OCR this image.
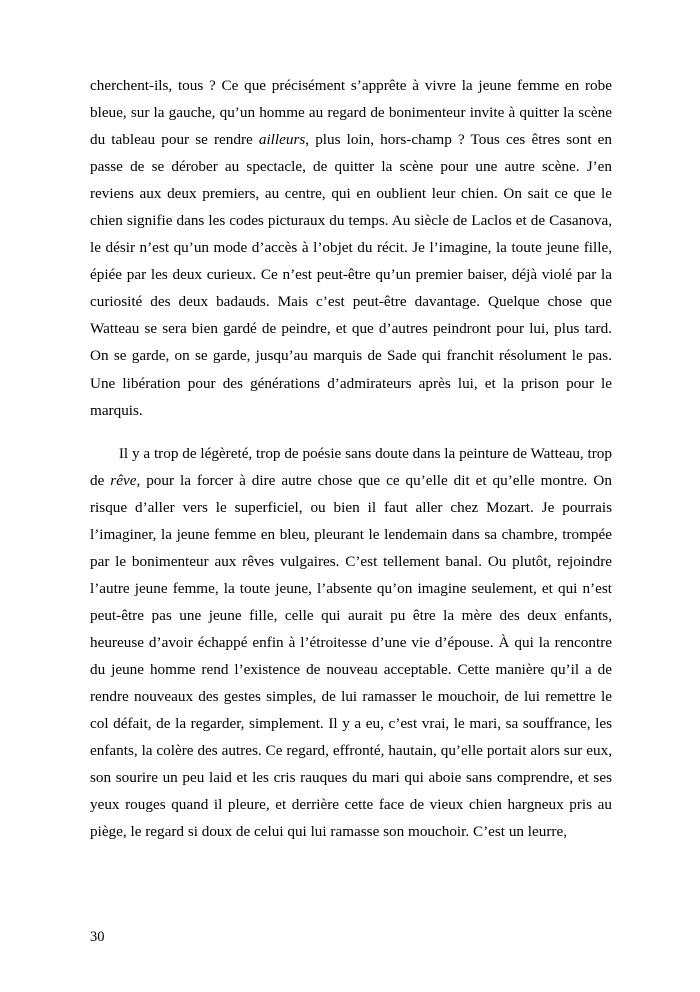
cherchent-ils, tous ? Ce que précisément s’apprête à vivre la jeune femme en robe bleue, sur la gauche, qu’un homme au regard de bonimenteur invite à quitter la scène du tableau pour se rendre ailleurs, plus loin, hors-champ ? Tous ces êtres sont en passe de se dérober au spectacle, de quitter la scène pour une autre scène. J’en reviens aux deux premiers, au centre, qui en oublient leur chien. On sait ce que le chien signifie dans les codes picturaux du temps. Au siècle de Laclos et de Casanova, le désir n’est qu’un mode d’accès à l’objet du récit. Je l’imagine, la toute jeune fille, épiée par les deux curieux. Ce n’est peut-être qu’un premier baiser, déjà violé par la curiosité des deux badauds. Mais c’est peut-être davantage. Quelque chose que Watteau se sera bien gardé de peindre, et que d’autres peindront pour lui, plus tard. On se garde, on se garde, jusqu’au marquis de Sade qui franchit résolument le pas. Une libération pour des générations d’admirateurs après lui, et la prison pour le marquis.

Il y a trop de légèreté, trop de poésie sans doute dans la peinture de Watteau, trop de rêve, pour la forcer à dire autre chose que ce qu’elle dit et qu’elle montre. On risque d’aller vers le superficiel, ou bien il faut aller chez Mozart. Je pourrais l’imaginer, la jeune femme en bleu, pleurant le lendemain dans sa chambre, trompée par le bonimenteur aux rêves vulgaires. C’est tellement banal. Ou plutôt, rejoindre l’autre jeune femme, la toute jeune, l’absente qu’on imagine seulement, et qui n’est peut-être pas une jeune fille, celle qui aurait pu être la mère des deux enfants, heureuse d’avoir échappé enfin à l’étroitesse d’une vie d’épouse. À qui la rencontre du jeune homme rend l’existence de nouveau acceptable. Cette manière qu’il a de rendre nouveaux des gestes simples, de lui ramasser le mouchoir, de lui remettre le col défait, de la regarder, simplement. Il y a eu, c’est vrai, le mari, sa souffrance, les enfants, la colère des autres. Ce regard, effronté, hautain, qu’elle portait alors sur eux, son sourire un peu laid et les cris rauques du mari qui aboie sans comprendre, et ses yeux rouges quand il pleure, et derrière cette face de vieux chien hargneux pris au piège, le regard si doux de celui qui lui ramasse son mouchoir. C’est un leurre,

30
